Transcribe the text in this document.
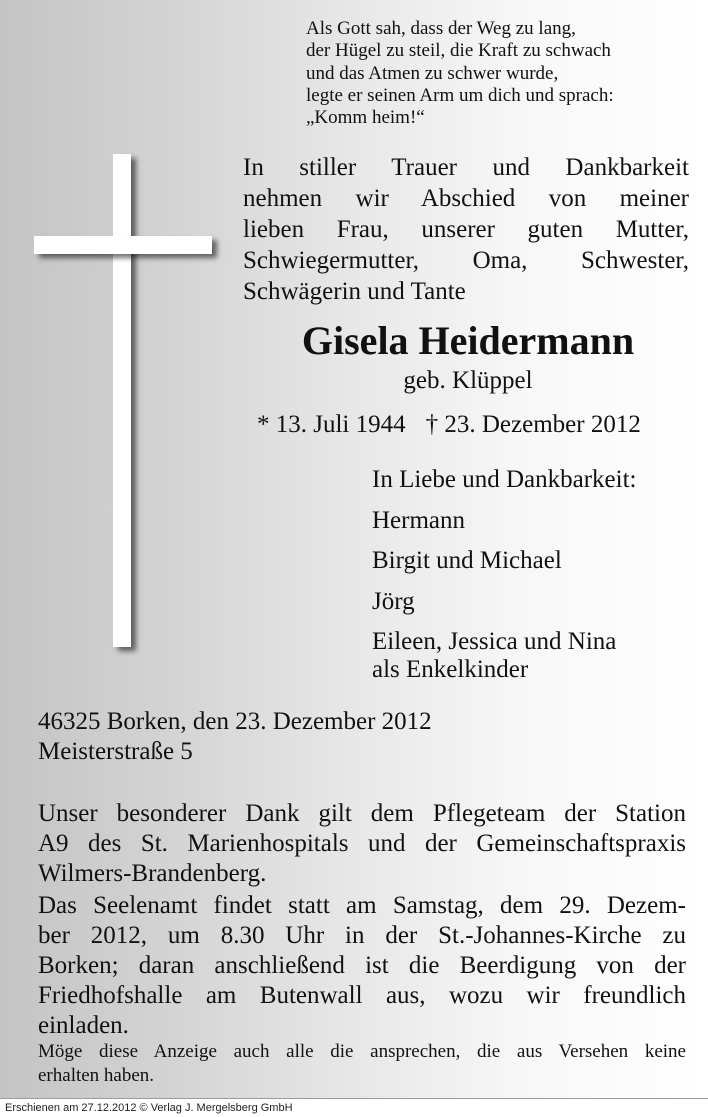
Als Gott sah, dass der Weg zu lang,
der Hügel zu steil, die Kraft zu schwach
und das Atmen zu schwer wurde,
legte er seinen Arm um dich und sprach:
„Komm heim!“
In stiller Trauer und Dankbarkeit
nehmen wir Abschied von meiner
lieben Frau, unserer guten Mutter,
Schwiegermutter, Oma, Schwester,
Schwägerin und Tante
Gisela Heidermann
geb. Klüppel
* 13. Juli 1944 † 23. Dezember 2012
In Liebe und Dankbarkeit:
Hermann
Birgit und Michael
Jörg
Eileen, Jessica und Nina
als Enkelkinder
46325 Borken, den 23. Dezember 2012
Meisterstraße 5
Unser besonderer Dank gilt dem Pflegeteam der Station
A9 des St. Marienhospitals und der Gemeinschaftspraxis
Wilmers-Brandenberg.
Das Seelenamt findet statt am Samstag, dem 29. Dezem-
ber 2012, um 8.30 Uhr in der St.-Johannes-Kirche zu
Borken; daran anschließend ist die Beerdigung von der
Friedhofshalle am Butenwall aus, wozu wir freundlich
einladen.
Möge diese Anzeige auch alle die ansprechen, die aus Versehen keine
erhalten haben.
Erschienen am 27.12.2012 © Verlag J. Mergelsberg GmbH
